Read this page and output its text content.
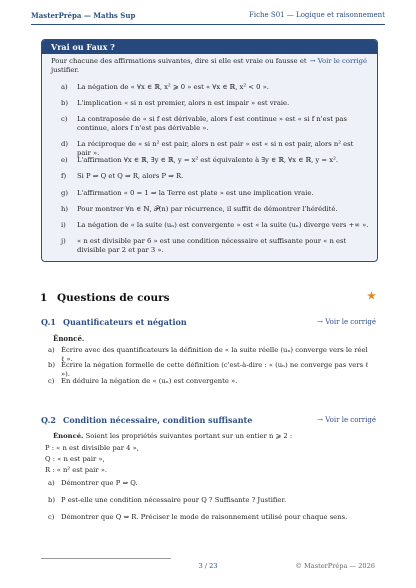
MasterPrépa — Maths Sup	Fiche S01 — Logique et raisonnement
Vrai ou Faux ?
→ Voir le corrigé
Pour chacune des affirmations suivantes, dire si elle est vraie ou fausse et justifier.
a) La négation de « ∀x ∈ ℝ, x² ⩾ 0 » est « ∀x ∈ ℝ, x² < 0 ».
b) L'implication « si n est premier, alors n est impair » est vraie.
c) La contraposée de « si f est dérivable, alors f est continue » est « si f n'est pas continue, alors f n'est pas dérivable ».
d) La réciproque de « si n² est pair, alors n est pair » est « si n est pair, alors n² est pair ».
e) L'affirmation ∀x ∈ ℝ, ∃y ∈ ℝ, y = x² est équivalente à ∃y ∈ ℝ, ∀x ∈ ℝ, y = x².
f) Si P ⇒ Q et Q ⇒ R, alors P ⇒ R.
g) L'affirmation « 0 = 1 ⇒ la Terre est plate » est une implication vraie.
h) Pour montrer ∀n ∈ ℕ, 𝒫(n) par récurrence, il suffit de démontrer l'hérédité.
i) La négation de « la suite (uₙ) est convergente » est « la suite (uₙ) diverge vers +∞ ».
j) « n est divisible par 6 » est une condition nécessaire et suffisante pour « n est divisible par 2 et par 3 ».
1 Questions de cours	★
Q.1 Quantificateurs et négation	→ Voir le corrigé
Énoncé.
a) Écrire avec des quantificateurs la définition de « la suite réelle (uₙ) converge vers le réel ℓ ».
b) Écrire la négation formelle de cette définition (c'est-à-dire : « (uₙ) ne converge pas vers ℓ »).
c) En déduire la négation de « (uₙ) est convergente ».
Q.2 Condition nécessaire, condition suffisante	→ Voir le corrigé
Énoncé. Soient les propriétés suivantes portant sur un entier n ⩾ 2 :
P : « n est divisible par 4 »,
Q : « n est pair »,
R : « n² est pair ».
a) Démontrer que P ⇒ Q.
b) P est-elle une condition nécessaire pour Q ? Suffisante ? Justifier.
c) Démontrer que Q ⇔ R. Préciser le mode de raisonnement utilisé pour chaque sens.
3 / 23	© MasterPrépa — 2026
